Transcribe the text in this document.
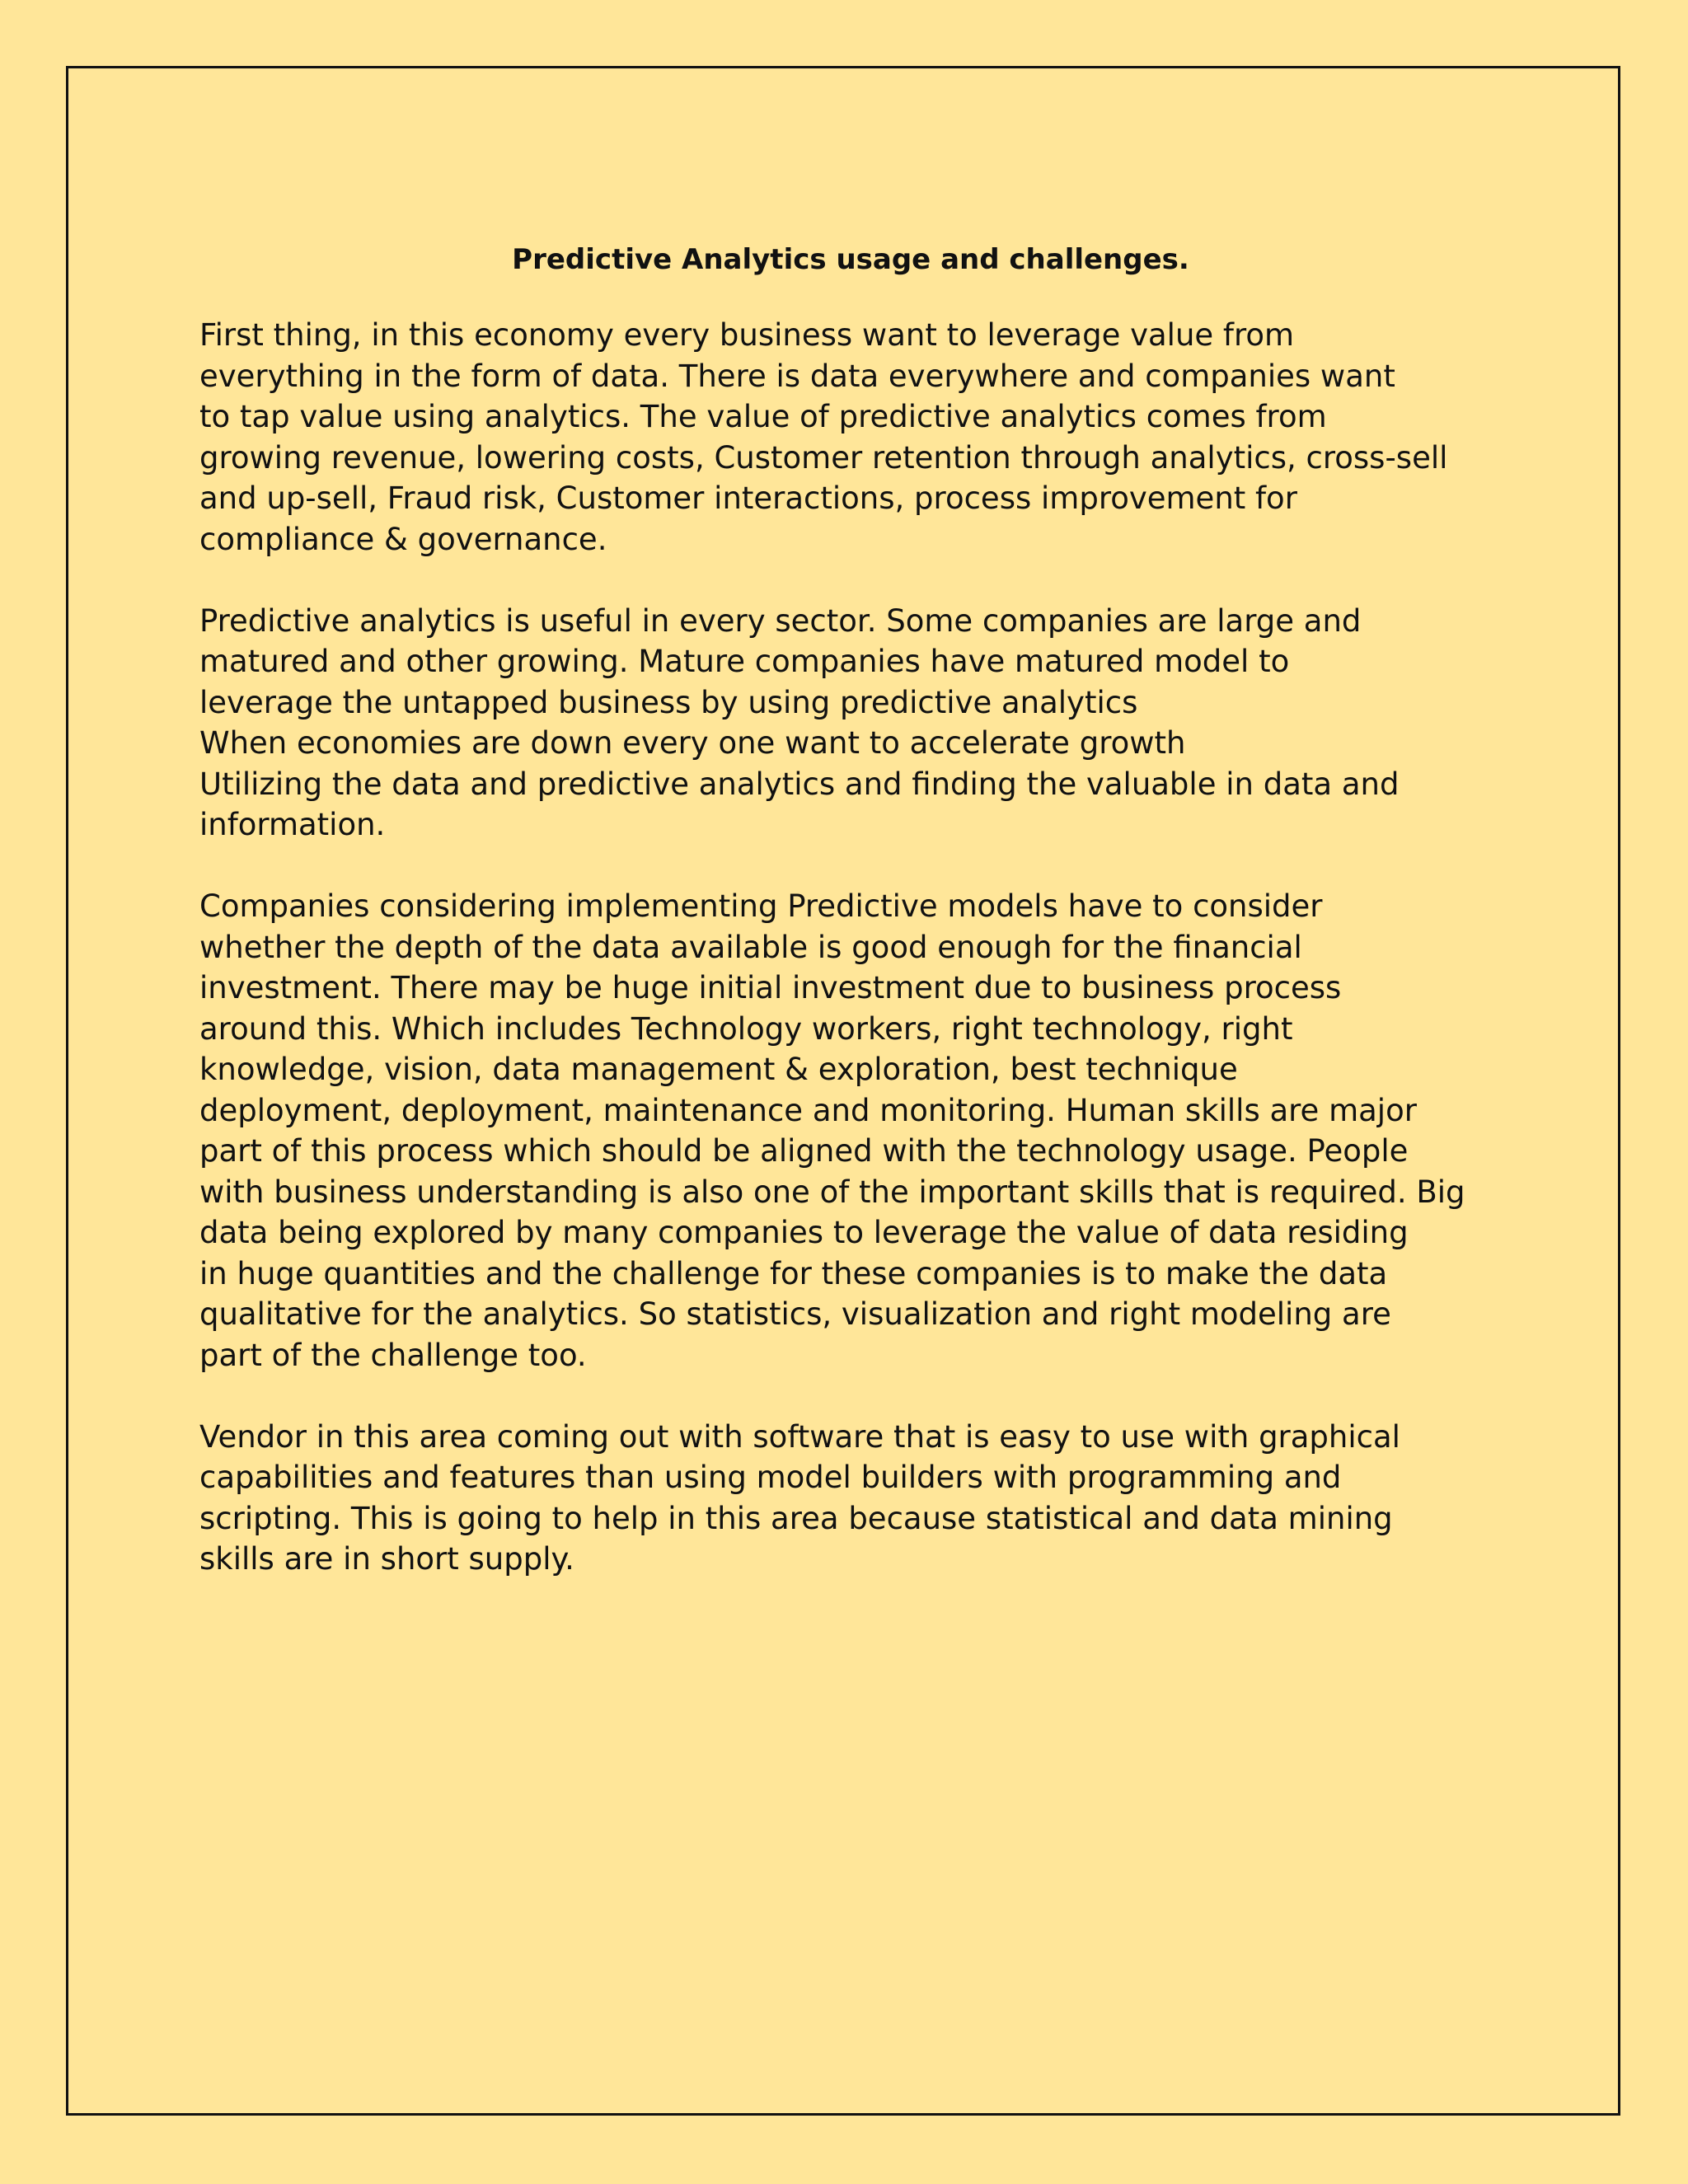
Predictive Analytics usage and challenges.

First thing, in this economy every business want to leverage value from
everything in the form of data. There is data everywhere and companies want
to tap value using analytics. The value of predictive analytics comes from
growing revenue, lowering costs, Customer retention through analytics, cross-sell
and up-sell, Fraud risk, Customer interactions, process improvement for
compliance & governance.

Predictive analytics is useful in every sector. Some companies are large and
matured and other growing. Mature companies have matured model to
leverage the untapped business by using predictive analytics
When economies are down every one want to accelerate growth
Utilizing the data and predictive analytics and finding the valuable in data and
information.

Companies considering implementing Predictive models have to consider
whether the depth of the data available is good enough for the financial
investment. There may be huge initial investment due to business process
around this. Which includes Technology workers, right technology, right
knowledge, vision, data management & exploration, best technique
deployment, deployment, maintenance and monitoring. Human skills are major
part of this process which should be aligned with the technology usage. People
with business understanding is also one of the important skills that is required. Big
data being explored by many companies to leverage the value of data residing
in huge quantities and the challenge for these companies is to make the data
qualitative for the analytics. So statistics, visualization and right modeling are
part of the challenge too.

Vendor in this area coming out with software that is easy to use with graphical
capabilities and features than using model builders with programming and
scripting. This is going to help in this area because statistical and data mining
skills are in short supply.
